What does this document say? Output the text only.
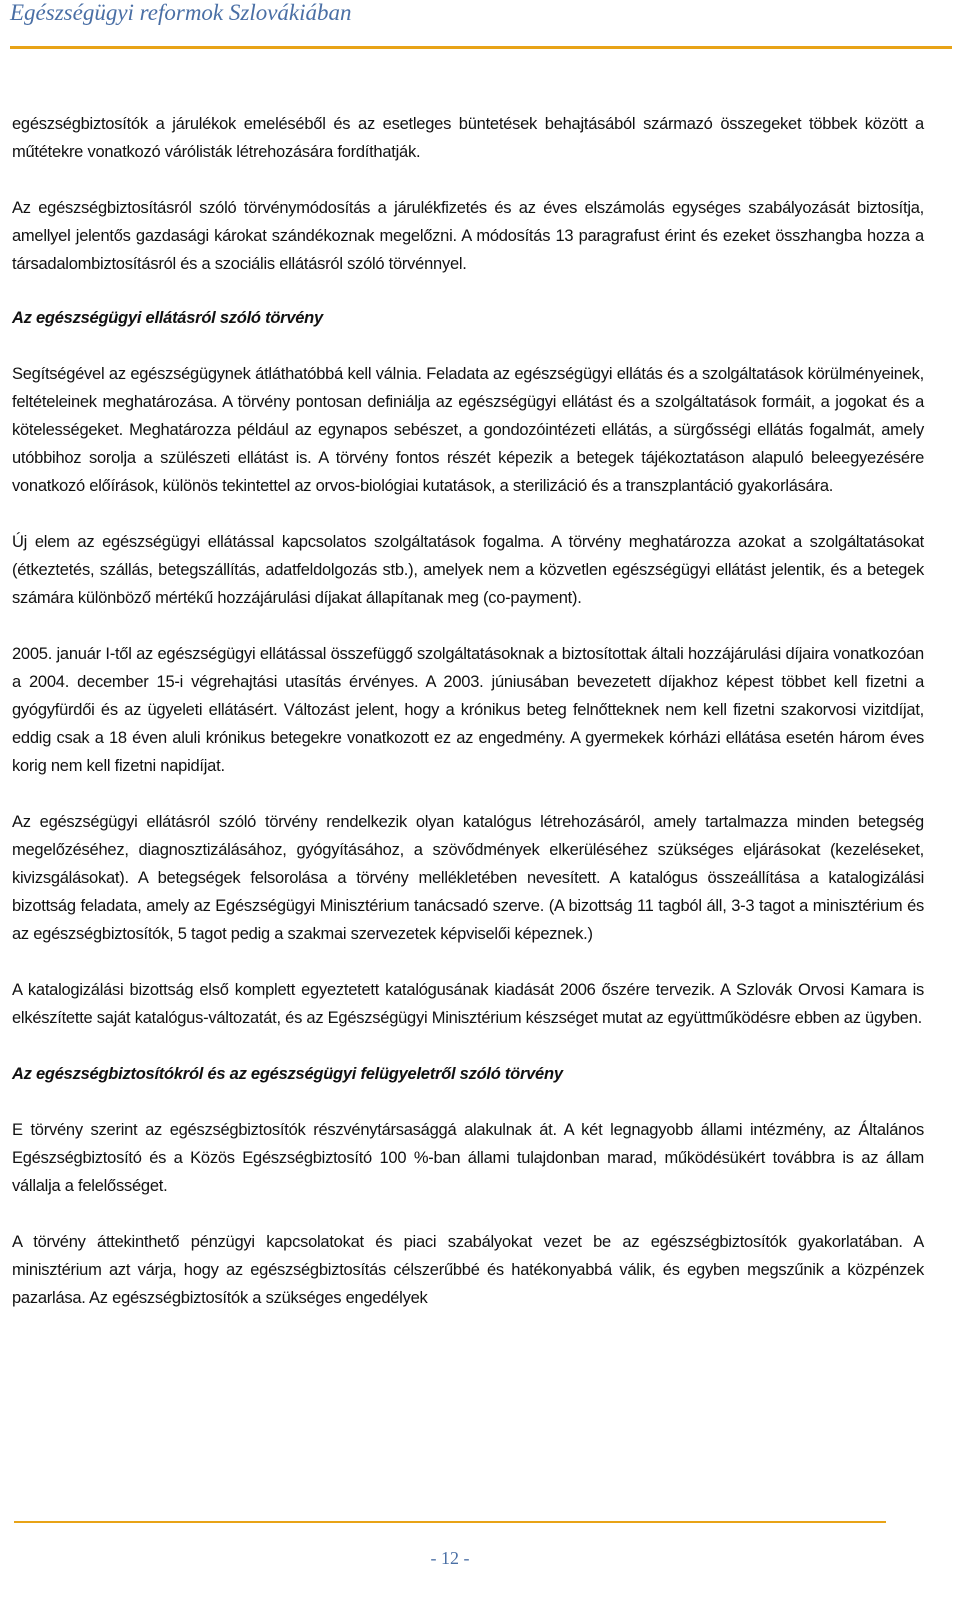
Egészségügyi reformok Szlovákiában

egészségbiztosítók a járulékok emeléséből és az esetleges büntetések behajtásából származó összegeket többek között a műtétekre vonatkozó várólisták létrehozására fordíthatják.

Az egészségbiztosításról szóló törvénymódosítás a járulékfizetés és az éves elszámolás egységes szabályozását biztosítja, amellyel jelentős gazdasági károkat szándékoznak megelőzni. A módosítás 13 paragrafust érint és ezeket összhangba hozza a társadalombiztosításról és a szociális ellátásról szóló törvénnyel.

Az egészségügyi ellátásról szóló törvény

Segítségével az egészségügynek átláthatóbbá kell válnia. Feladata az egészségügyi ellátás és a szolgáltatások körülményeinek, feltételeinek meghatározása. A törvény pontosan definiálja az egészségügyi ellátást és a szolgáltatások formáit, a jogokat és a kötelességeket. Meghatározza például az egynapos sebészet, a gondozóintézeti ellátás, a sürgősségi ellátás fogalmát, amely utóbbihoz sorolja a szülészeti ellátást is. A törvény fontos részét képezik a betegek tájékoztatáson alapuló beleegyezésére vonatkozó előírások, különös tekintettel az orvos-biológiai kutatások, a sterilizáció és a transzplantáció gyakorlására.

Új elem az egészségügyi ellátással kapcsolatos szolgáltatások fogalma. A törvény meghatározza azokat a szolgáltatásokat (étkeztetés, szállás, betegszállítás, adatfeldolgozás stb.), amelyek nem a közvetlen egészségügyi ellátást jelentik, és a betegek számára különböző mértékű hozzájárulási díjakat állapítanak meg (co-payment).

2005. január I-től az egészségügyi ellátással összefüggő szolgáltatásoknak a biztosítottak általi hozzájárulási díjaira vonatkozóan a 2004. december 15-i végrehajtási utasítás érvényes. A 2003. júniusában bevezetett díjakhoz képest többet kell fizetni a gyógyfürdői és az ügyeleti ellátásért. Változást jelent, hogy a krónikus beteg felnőtteknek nem kell fizetni szakorvosi vizitdíjat, eddig csak a 18 éven aluli krónikus betegekre vonatkozott ez az engedmény. A gyermekek kórházi ellátása esetén három éves korig nem kell fizetni napidíjat.

Az egészségügyi ellátásról szóló törvény rendelkezik olyan katalógus létrehozásáról, amely tartalmazza minden betegség megelőzéséhez, diagnosztizálásához, gyógyításához, a szövődmények elkerüléséhez szükséges eljárásokat (kezeléseket, kivizsgálásokat). A betegségek felsorolása a törvény mellékletében nevesített. A katalógus összeállítása a katalogizálási bizottság feladata, amely az Egészségügyi Minisztérium tanácsadó szerve. (A bizottság 11 tagból áll, 3-3 tagot a minisztérium és az egészségbiztosítók, 5 tagot pedig a szakmai szervezetek képviselői képeznek.)

A katalogizálási bizottság első komplett egyeztetett katalógusának kiadását 2006 őszére tervezik. A Szlovák Orvosi Kamara is elkészítette saját katalógus-változatát, és az Egészségügyi Minisztérium készséget mutat az együttműködésre ebben az ügyben.

Az egészségbiztosítókról és az egészségügyi felügyeletről szóló törvény

E törvény szerint az egészségbiztosítók részvénytársasággá alakulnak át. A két legnagyobb állami intézmény, az Általános Egészségbiztosító és a Közös Egészségbiztosító 100 %-ban állami tulajdonban marad, működésükért továbbra is az állam vállalja a felelősséget.

A törvény áttekinthető pénzügyi kapcsolatokat és piaci szabályokat vezet be az egészségbiztosítók gyakorlatában. A minisztérium azt várja, hogy az egészségbiztosítás célszerűbbé és hatékonyabbá válik, és egyben megszűnik a közpénzek pazarlása. Az egészségbiztosítók a szükséges engedélyek

- 12 -
